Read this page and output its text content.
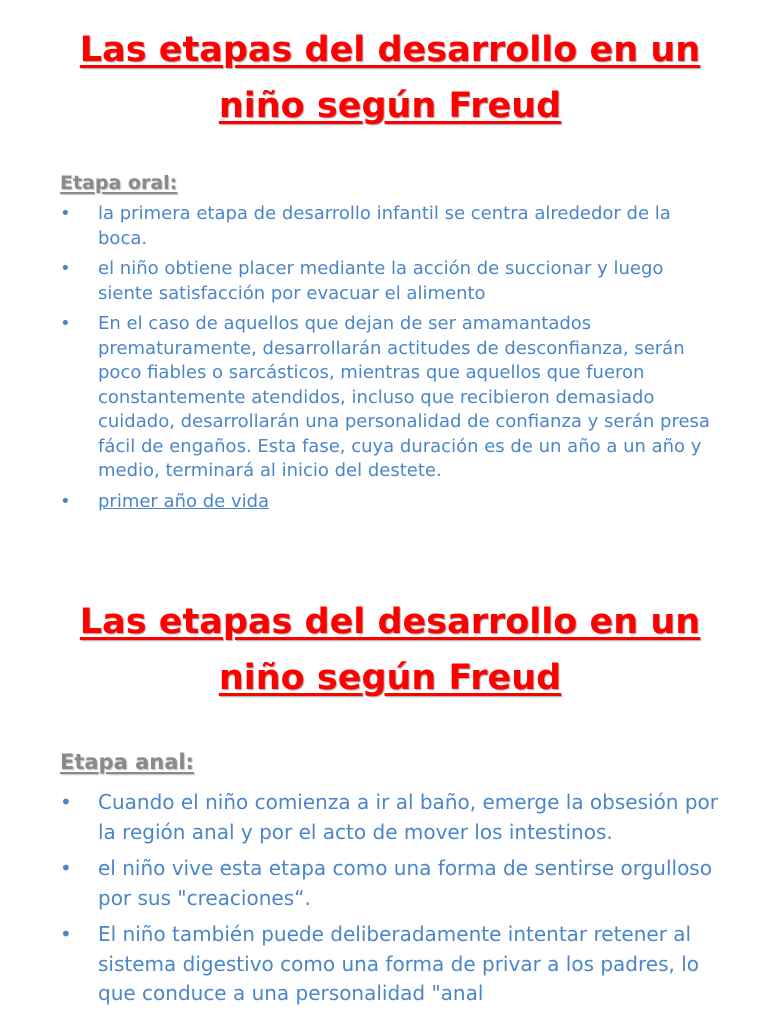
Las etapas del desarrollo en un niño según Freud
Etapa oral:
• la primera etapa de desarrollo infantil se centra alrededor de la boca.
• el niño obtiene placer mediante la acción de succionar y luego siente satisfacción por evacuar el alimento
• En el caso de aquellos que dejan de ser amamantados prematuramente, desarrollarán actitudes de desconfianza, serán poco fiables o sarcásticos, mientras que aquellos que fueron constantemente atendidos, incluso que recibieron demasiado cuidado, desarrollarán una personalidad de confianza y serán presa fácil de engaños. Esta fase, cuya duración es de un año a un año y medio, terminará al inicio del destete.
• primer año de vida
Las etapas del desarrollo en un niño según Freud
Etapa anal:
• Cuando el niño comienza a ir al baño, emerge la obsesión por la región anal y por el acto de mover los intestinos.
• el niño vive esta etapa como una forma de sentirse orgulloso por sus "creaciones“.
• El niño también puede deliberadamente intentar retener al sistema digestivo como una forma de privar a los padres, lo que conduce a una personalidad "anal
